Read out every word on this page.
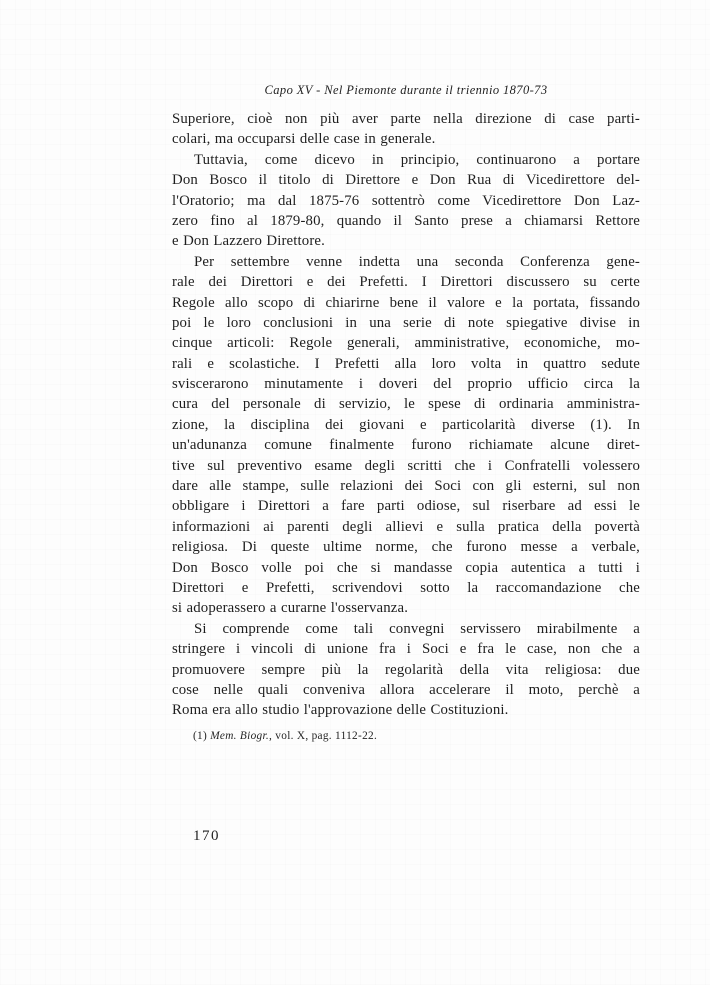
Capo XV - Nel Piemonte durante il triennio 1870-73
Superiore, cioè non più aver parte nella direzione di case parti-
colari, ma occuparsi delle case in generale.
Tuttavia, come dicevo in principio, continuarono a portare
Don Bosco il titolo di Direttore e Don Rua di Vicedirettore del-
l'Oratorio; ma dal 1875-76 sottentrò come Vicedirettore Don Laz-
zero fino al 1879-80, quando il Santo prese a chiamarsi Rettore
e Don Lazzero Direttore.
Per settembre venne indetta una seconda Conferenza gene-
rale dei Direttori e dei Prefetti. I Direttori discussero su certe
Regole allo scopo di chiarirne bene il valore e la portata, fissando
poi le loro conclusioni in una serie di note spiegative divise in
cinque articoli: Regole generali, amministrative, economiche, mo-
rali e scolastiche. I Prefetti alla loro volta in quattro sedute
sviscerarono minutamente i doveri del proprio ufficio circa la
cura del personale di servizio, le spese di ordinaria amministra-
zione, la disciplina dei giovani e particolarità diverse (1). In
un'adunanza comune finalmente furono richiamate alcune diret-
tive sul preventivo esame degli scritti che i Confratelli volessero
dare alle stampe, sulle relazioni dei Soci con gli esterni, sul non
obbligare i Direttori a fare parti odiose, sul riserbare ad essi le
informazioni ai parenti degli allievi e sulla pratica della povertà
religiosa. Di queste ultime norme, che furono messe a verbale,
Don Bosco volle poi che si mandasse copia autentica a tutti i
Direttori e Prefetti, scrivendovi sotto la raccomandazione che
si adoperassero a curarne l'osservanza.
Si comprende come tali convegni servissero mirabilmente a
stringere i vincoli di unione fra i Soci e fra le case, non che a
promuovere sempre più la regolarità della vita religiosa: due
cose nelle quali conveniva allora accelerare il moto, perchè a
Roma era allo studio l'approvazione delle Costituzioni.
(1) Mem. Biogr., vol. X, pag. 1112-22.
170
